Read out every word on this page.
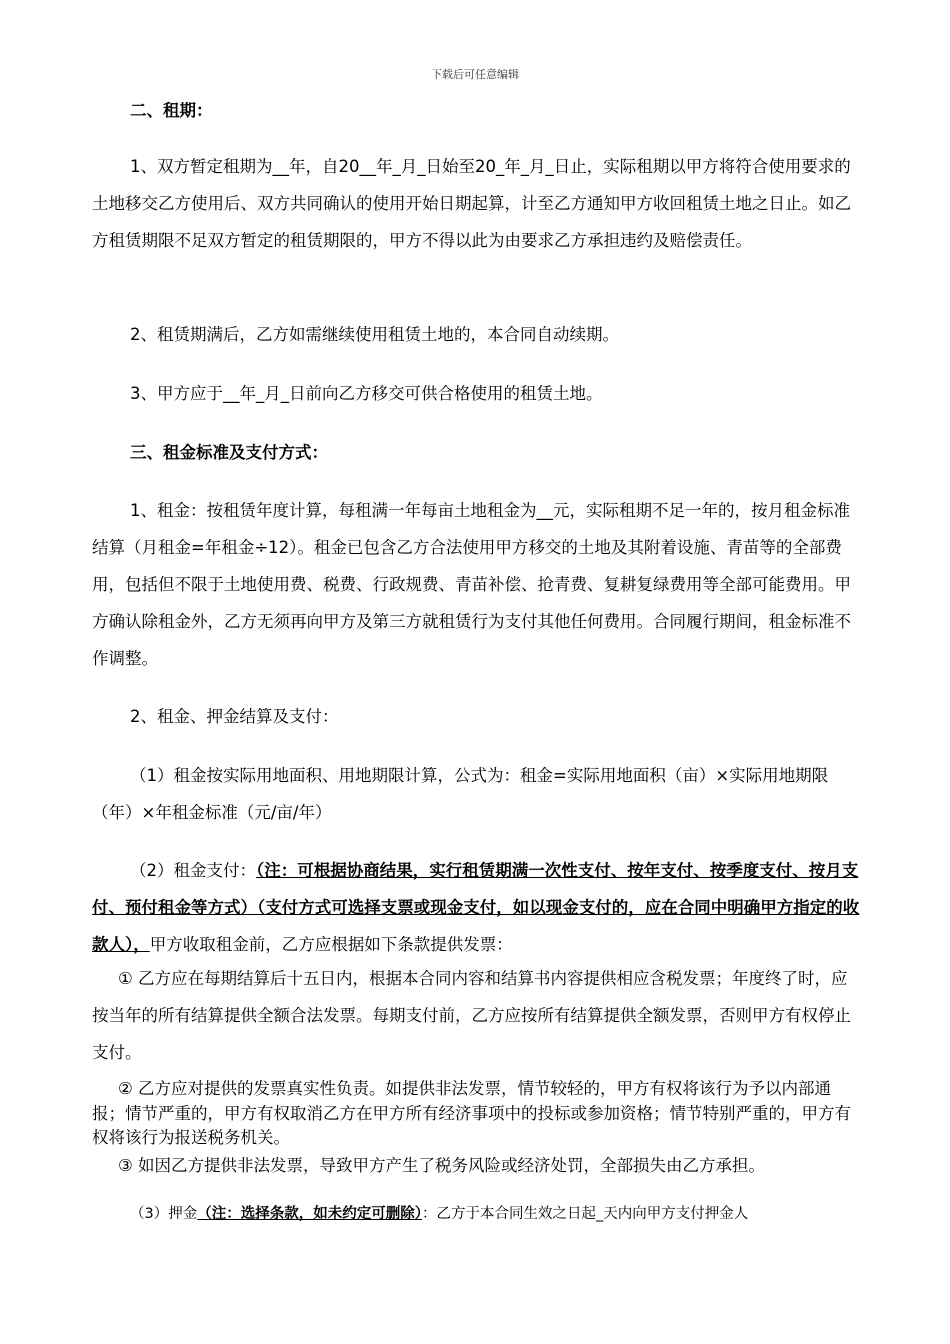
下载后可任意编辑

二、租期：

1、双方暂定租期为__年，自20__年_月_日始至20_年_月_日止，实际租期以甲方将符合使用要求的土地移交乙方使用后、双方共同确认的使用开始日期起算，计至乙方通知甲方收回租赁土地之日止。如乙方租赁期限不足双方暂定的租赁期限的，甲方不得以此为由要求乙方承担违约及赔偿责任。

2、租赁期满后，乙方如需继续使用租赁土地的，本合同自动续期。

3、甲方应于__年_月_日前向乙方移交可供合格使用的租赁土地。

三、租金标准及支付方式：

1、租金：按租赁年度计算，每租满一年每亩土地租金为__元，实际租期不足一年的，按月租金标准结算（月租金=年租金÷12）。租金已包含乙方合法使用甲方移交的土地及其附着设施、青苗等的全部费用，包括但不限于土地使用费、税费、行政规费、青苗补偿、抢青费、复耕复绿费用等全部可能费用。甲方确认除租金外，乙方无须再向甲方及第三方就租赁行为支付其他任何费用。合同履行期间，租金标准不作调整。

2、租金、押金结算及支付：

（1）租金按实际用地面积、用地期限计算，公式为：租金=实际用地面积（亩）×实际用地期限（年）×年租金标准（元/亩/年）

（2）租金支付：（注：可根据协商结果，实行租赁期满一次性支付、按年支付、按季度支付、按月支付、预付租金等方式）（支付方式可选择支票或现金支付，如以现金支付的，应在合同中明确甲方指定的收款人），甲方收取租金前，乙方应根据如下条款提供发票：

① 乙方应在每期结算后十五日内，根据本合同内容和结算书内容提供相应含税发票；年度终了时，应按当年的所有结算提供全额合法发票。每期支付前，乙方应按所有结算提供全额发票，否则甲方有权停止支付。

② 乙方应对提供的发票真实性负责。如提供非法发票，情节较轻的，甲方有权将该行为予以内部通报；情节严重的，甲方有权取消乙方在甲方所有经济事项中的投标或参加资格；情节特别严重的，甲方有权将该行为报送税务机关。

③ 如因乙方提供非法发票，导致甲方产生了税务风险或经济处罚，全部损失由乙方承担。

（3）押金（注：选择条款，如未约定可删除）：乙方于本合同生效之日起_天内向甲方支付押金人
